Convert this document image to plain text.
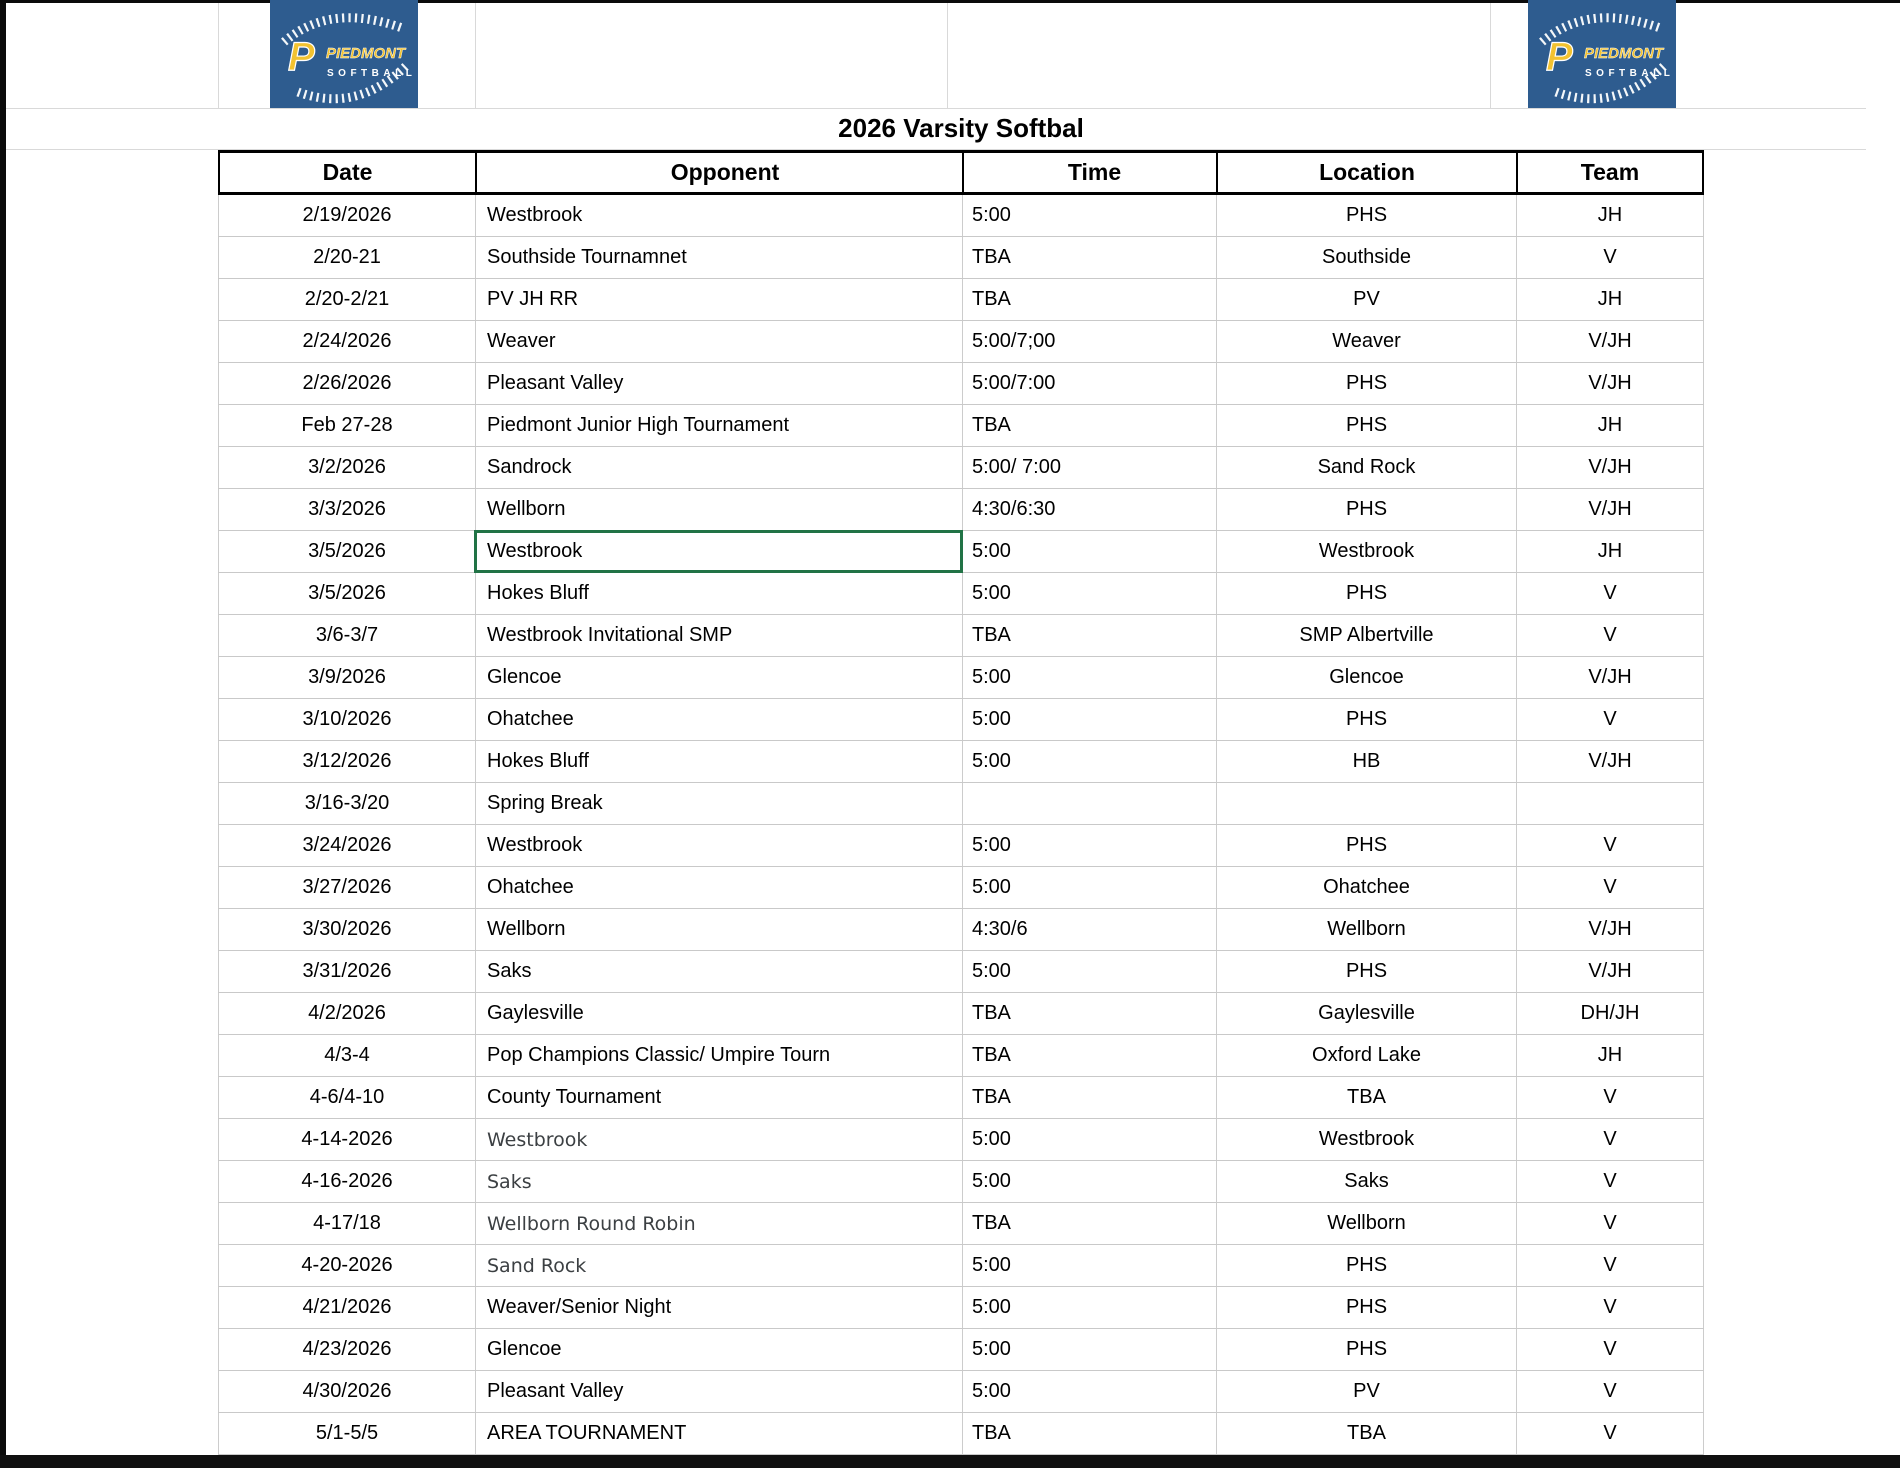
P PIEDMONT
SOFTBALL	P PIEDMONT
SOFTBALL
2026 Varsity Softbal
Date	Opponent	Time	Location	Team
2/19/2026	Westbrook	5:00	PHS	JH
2/20-21	Southside Tournamnet	TBA	Southside	V
2/20-2/21	PV JH RR	TBA	PV	JH
2/24/2026	Weaver	5:00/7;00	Weaver	V/JH
2/26/2026	Pleasant Valley	5:00/7:00	PHS	V/JH
Feb 27-28	Piedmont Junior High Tournament	TBA	PHS	JH
3/2/2026	Sandrock	5:00/ 7:00	Sand Rock	V/JH
3/3/2026	Wellborn	4:30/6:30	PHS	V/JH
3/5/2026	Westbrook	5:00	Westbrook	JH
3/5/2026	Hokes Bluff	5:00	PHS	V
3/6-3/7	Westbrook Invitational SMP	TBA	SMP Albertville	V
3/9/2026	Glencoe	5:00	Glencoe	V/JH
3/10/2026	Ohatchee	5:00	PHS	V
3/12/2026	Hokes Bluff	5:00	HB	V/JH
3/16-3/20	Spring Break
3/24/2026	Westbrook	5:00	PHS	V
3/27/2026	Ohatchee	5:00	Ohatchee	V
3/30/2026	Wellborn	4:30/6	Wellborn	V/JH
3/31/2026	Saks	5:00	PHS	V/JH
4/2/2026	Gaylesville	TBA	Gaylesville	DH/JH
4/3-4	Pop Champions Classic/ Umpire Tourn	TBA	Oxford Lake	JH
4-6/4-10	County Tournament	TBA	TBA	V
4-14-2026	Westbrook	5:00	Westbrook	V
4-16-2026	Saks	5:00	Saks	V
4-17/18	Wellborn Round Robin	TBA	Wellborn	V
4-20-2026	Sand Rock	5:00	PHS	V
4/21/2026	Weaver/Senior Night	5:00	PHS	V
4/23/2026	Glencoe	5:00	PHS	V
4/30/2026	Pleasant Valley	5:00	PV	V
5/1-5/5	AREA TOURNAMENT	TBA	TBA	V
